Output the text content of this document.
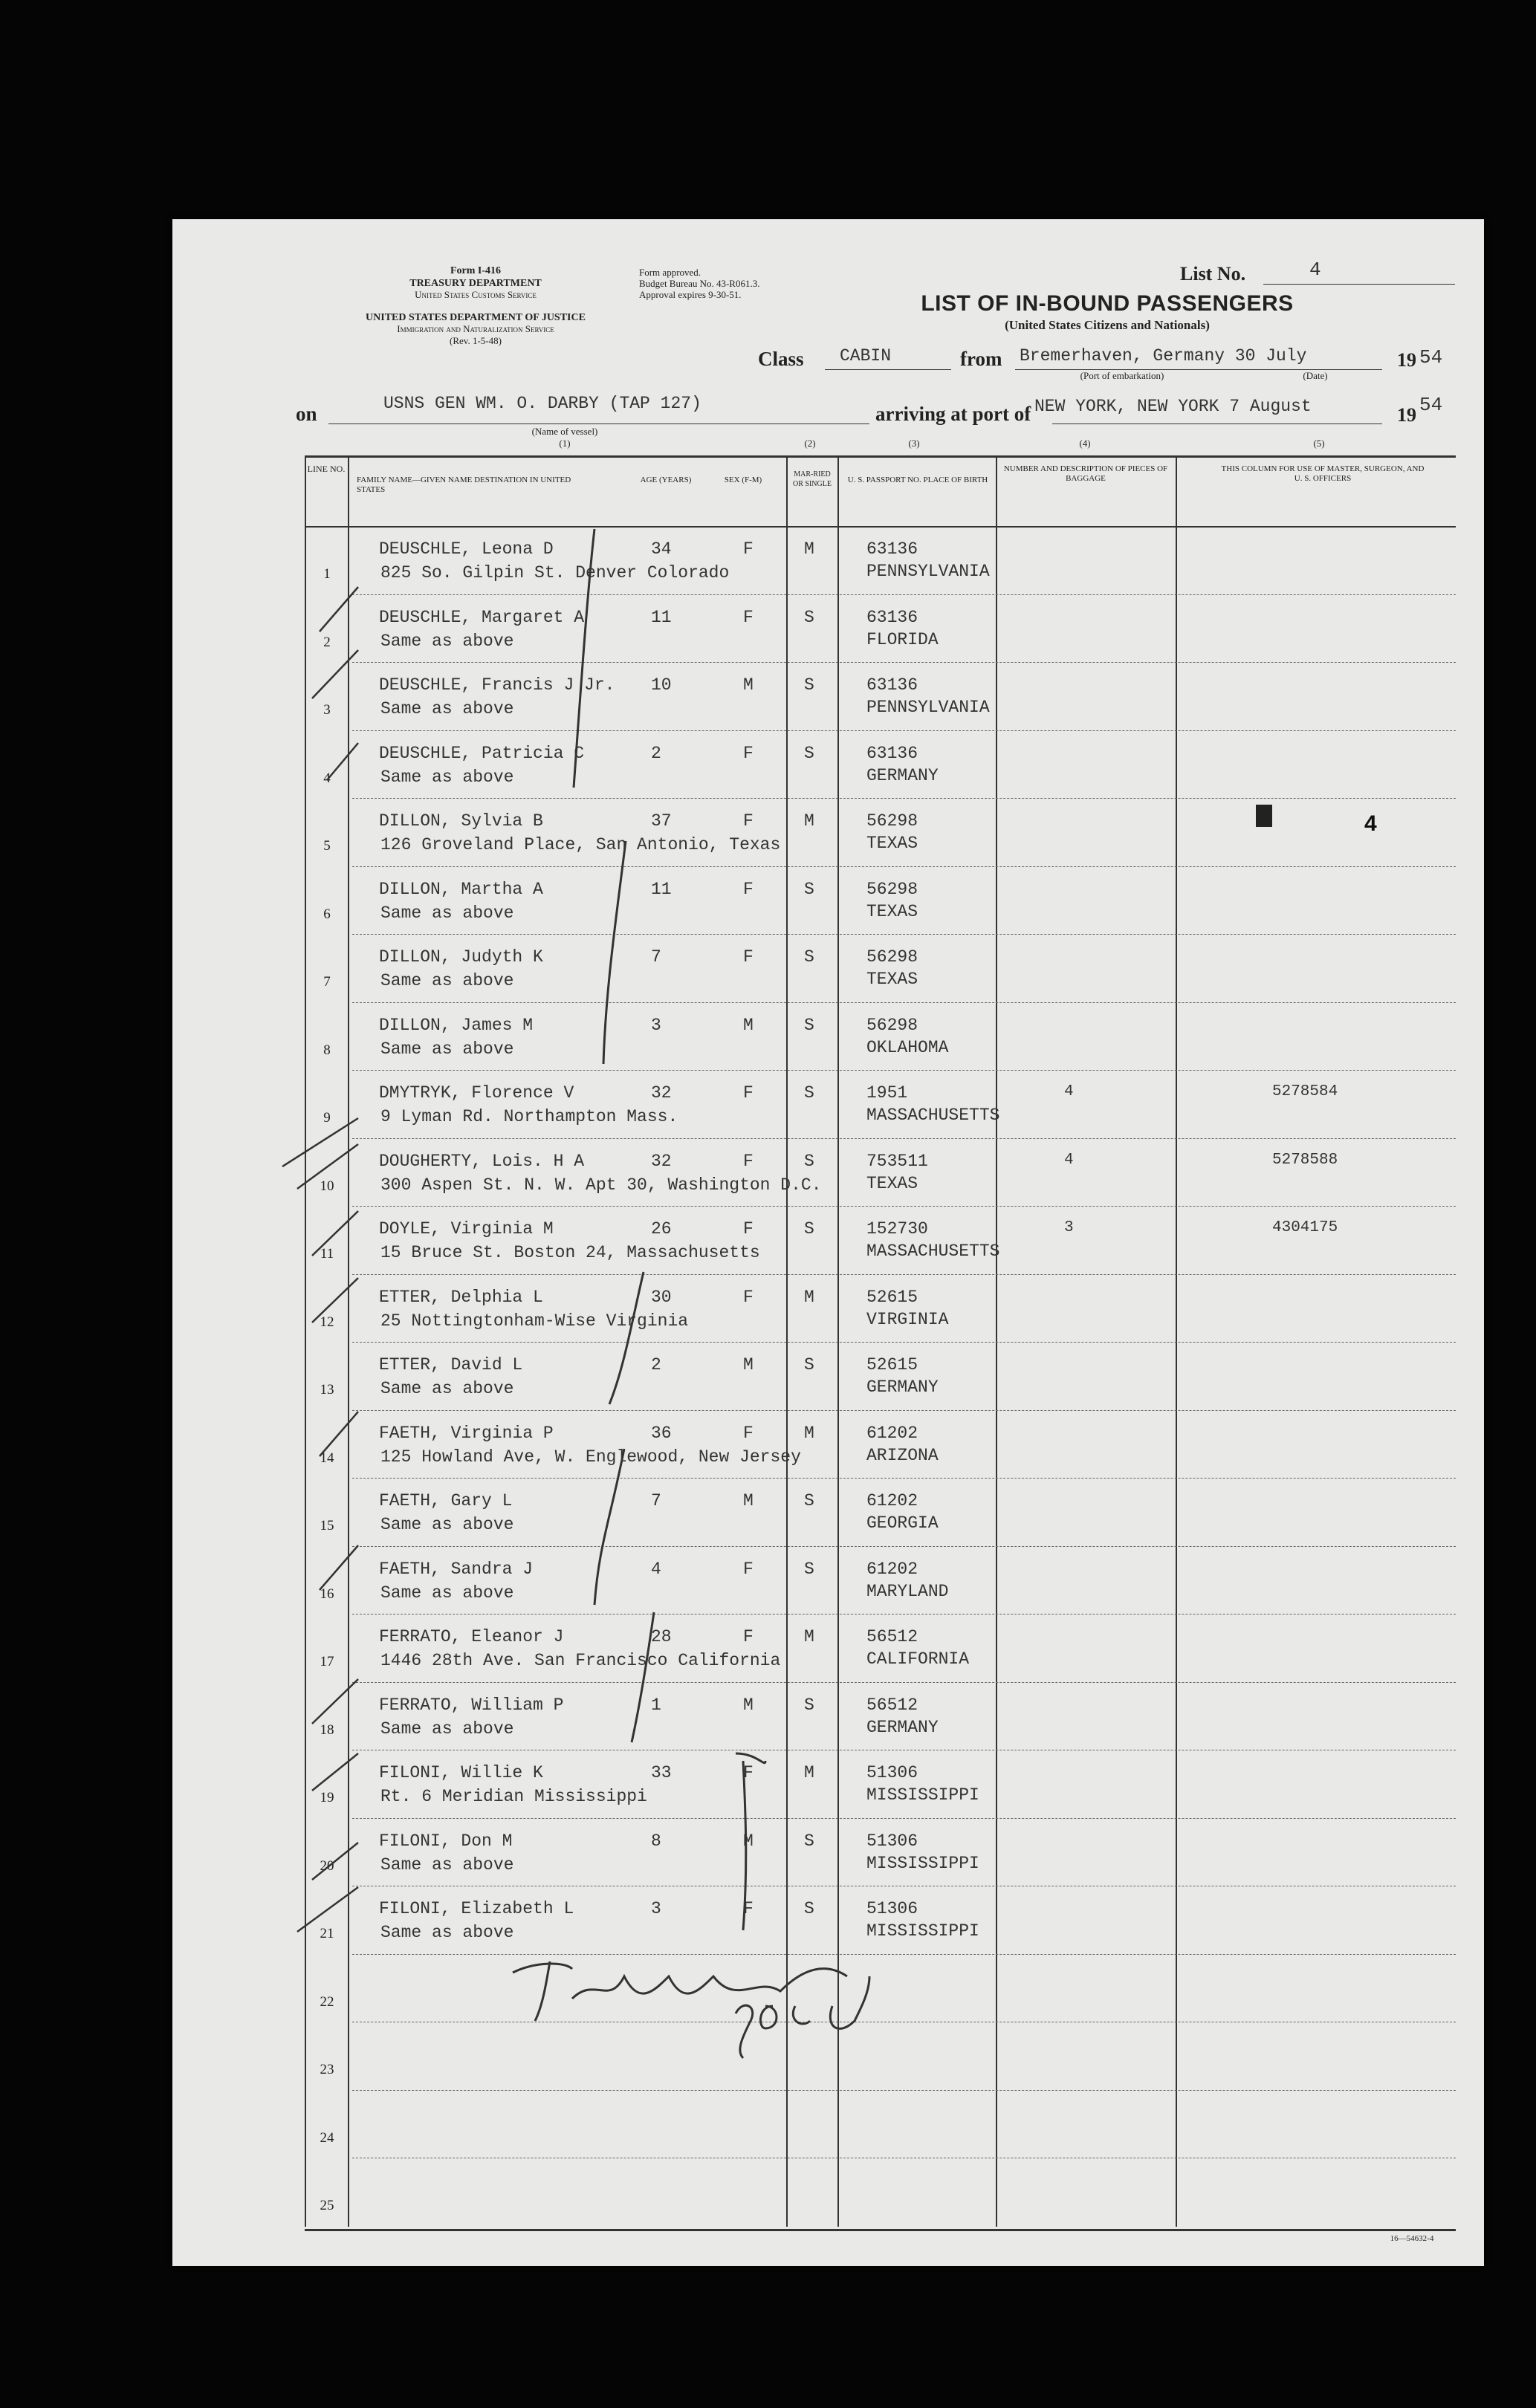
Form I-416
TREASURY DEPARTMENT
United States Customs Service
UNITED STATES DEPARTMENT OF JUSTICE
Immigration and Naturalization Service
(Rev. 1-5-48)
Form approved.
Budget Bureau No. 43-R061.3.
Approval expires 9-30-51.
List No.	4
LIST OF IN-BOUND PASSENGERS
(United States Citizens and Nationals)
Class CABIN	from Bremerhaven, Germany 30 July	19 54
(Port of embarkation)	(Date)
on	USNS GEN WM. O. DARBY (TAP 127)
(Name of vessel)
(1)
arriving at port of NEW YORK, NEW YORK 7 August	19 54
(2)	(3)	(4)	(5)
LINE NO.
FAMILY NAME—GIVEN NAME DESTINATION IN UNITED STATES
AGE (YEARS)	SEX (F-M)
MAR-RIED OR SINGLE	U. S. PASSPORT NO. PLACE OF BIRTH
NUMBER AND DESCRIPTION OF PIECES OF BAGGAGE
THIS COLUMN FOR USE OF MASTER, SURGEON, AND U. S. OFFICERS
1
DEUSCHLE, Leona D
825 So. Gilpin St. Denver Colorado
34	F	M	63136
PENNSYLVANIA
2
DEUSCHLE, Margaret A
Same as above
11	F	S	63136
FLORIDA
3
DEUSCHLE, Francis J Jr.
Same as above
10	M	S	63136
PENNSYLVANIA
4
DEUSCHLE, Patricia C
Same as above
2	F	S	63136
GERMANY
5
DILLON, Sylvia B
126 Groveland Place, San Antonio, Texas
37	F	M	56298
TEXAS
4
6
DILLON, Martha A
Same as above
11	F	S	56298
TEXAS
7
DILLON, Judyth K
Same as above
7	F	S	56298
TEXAS
8
DILLON, James M
Same as above
3	M	S	56298
OKLAHOMA
9
DMYTRYK, Florence V
9 Lyman Rd. Northampton Mass.
32	F	S	1951
MASSACHUSETTS
4	5278584
10
DOUGHERTY, Lois. H A
300 Aspen St. N. W. Apt 30, Washington D.C.
32	F	S	753511
TEXAS
4	5278588
11
DOYLE, Virginia M
15 Bruce St. Boston 24, Massachusetts
26	F	S	152730
MASSACHUSETTS
3	4304175
12
ETTER, Delphia L
25 Nottingtonham-Wise Virginia
30	F	M	52615
VIRGINIA
13
ETTER, David L
Same as above
2	M	S	52615
GERMANY
14
FAETH, Virginia P
125 Howland Ave, W. Englewood, New Jersey
36	F	M	61202
ARIZONA
15
FAETH, Gary L
Same as above
7	M	S	61202
GEORGIA
16
FAETH, Sandra J
Same as above
4	F	S	61202
MARYLAND
17
FERRATO, Eleanor J
1446 28th Ave. San Francisco California
28	F	M	56512
CALIFORNIA
18
FERRATO, William P
Same as above
1	M	S	56512
GERMANY
19
FILONI, Willie K
Rt. 6 Meridian Mississippi
33	F	M	51306
MISSISSIPPI
20
FILONI, Don M
Same as above
8	M	S	51306
MISSISSIPPI
21
FILONI, Elizabeth L
Same as above
3	F	S	51306
MISSISSIPPI
22
23
24
25
16—54632-4
